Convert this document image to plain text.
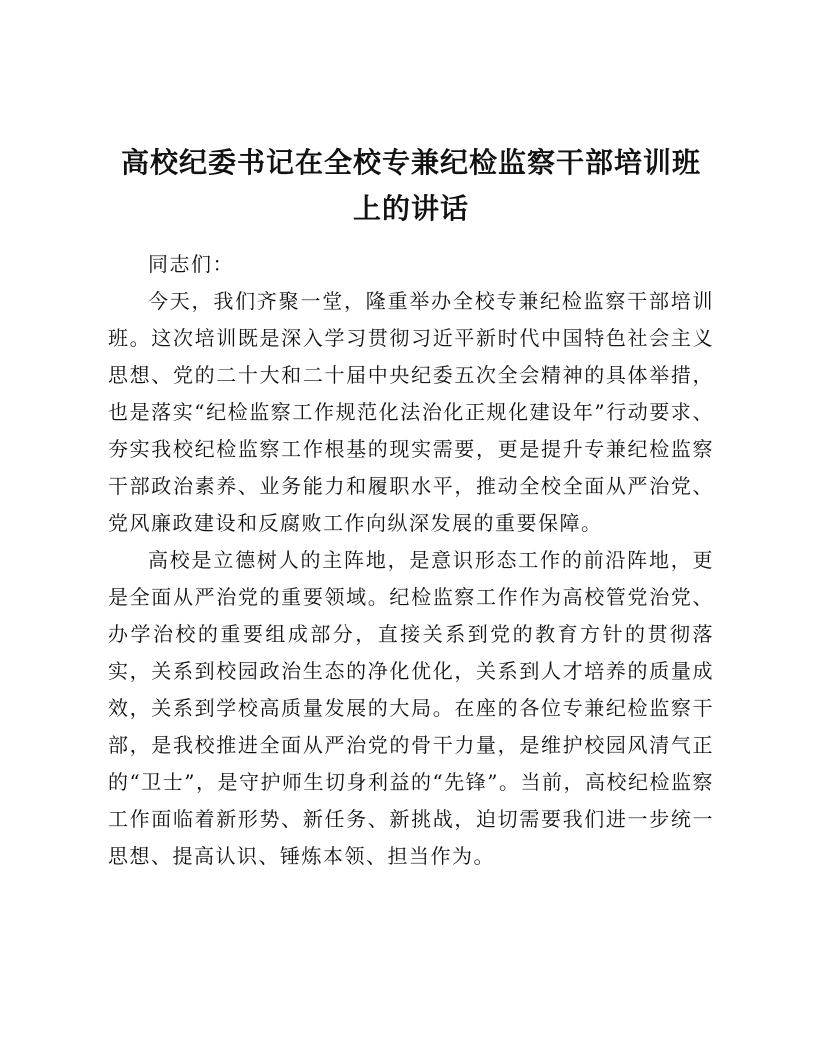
高校纪委书记在全校专兼纪检监察干部培训班
上的讲话

同志们：

今天，我们齐聚一堂，隆重举办全校专兼纪检监察干部培训班。这次培训既是深入学习贯彻习近平新时代中国特色社会主义思想、党的二十大和二十届中央纪委五次全会精神的具体举措，也是落实“纪检监察工作规范化法治化正规化建设年”行动要求、夯实我校纪检监察工作根基的现实需要，更是提升专兼纪检监察干部政治素养、业务能力和履职水平，推动全校全面从严治党、党风廉政建设和反腐败工作向纵深发展的重要保障。

高校是立德树人的主阵地，是意识形态工作的前沿阵地，更是全面从严治党的重要领域。纪检监察工作作为高校管党治党、办学治校的重要组成部分，直接关系到党的教育方针的贯彻落实，关系到校园政治生态的净化优化，关系到人才培养的质量成效，关系到学校高质量发展的大局。在座的各位专兼纪检监察干部，是我校推进全面从严治党的骨干力量，是维护校园风清气正的“卫士”，是守护师生切身利益的“先锋”。当前，高校纪检监察工作面临着新形势、新任务、新挑战，迫切需要我们进一步统一思想、提高认识、锤炼本领、担当作为。
